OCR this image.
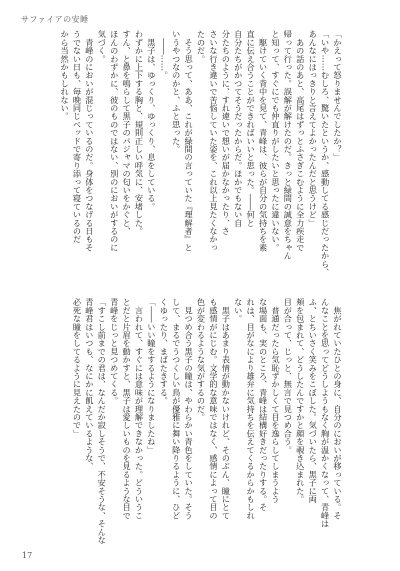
サファイアの安睡
「かえって怒りませんでしたか？」
「いや……むしろ、驚いたというか、感動してる感じだったから、
あんなにはっきりと言えてよかったんだと思うけど」
　あの話のあと、高尾はずっとふさぎこむように全力疾走で
帰って行った。誤解が解けたのだ。きっと緑間の誠意をちゃん
と知って、すぐにでも仲直りがしたいと思ったに違いない。
　駆けていく背中を見て、青峰は、彼らが自分の気持ちを素
直に伝え合うことができればいいと思った。――何と
自分たちがかつてそうだったからだ。ほかでもない自
分たちのように、すれ違いで想いが届かなかったり、さ
さいな行き違いで苦悩していた姿を、これ以上見たくなかっ
たのだ。
　そう思って、ああ、これが緑間の言っていた『理解者』と
いうやつなのかと、ふと思った。
　――……。
　黒子は、ゆっくり、ゆっくり、息をしている。
わずかに上下する胸と、規則正しい呼気に、安堵した。
すん、と鼻を鳴らして黒子のパジャマの匂いをかぐと、
ほんのわずかに、彼のものではない、別のにおいがするのに
気づく。
　青峰のにおいが混じっているのだ。身体をつなげる日もそ
うでない日も、毎晩同じベッドで寄り添って寝ているのだ
から当然かもしれない。
　焦がれていたひとの身に、自分のにおいが移っている。そ
んなことを思ってどうしようもなく胸が温かくなって、青峰は
ふ、とちいさく笑みをこぼした。気づいたら、黒子に両
頬を包まれて、どうしたんですかと顔を覗き込まれた。
目が合って、じっと、無言で見つめ合う。
　普通だったら気恥ずかしくて目を逸らしてしまうよう
な場面も、実のところ、青峰は結構好きだったりする。そ
れは、目がなにより雄弁に気持ちを伝えてくるからかもしれ
ない。
　黒子はあまり表情が動かないけれど、そのぶん、瞳にとて
も感情がにじむ。文学的な意味ではなく、感情によって目の
色が変わるような気がするのだ。
　見つめ合う黒子の瞳は、やわらかい青色をしていた。そう
して、まるでうつくしい鳥が優雅に舞い降りるように、ひど
くゆったり、まばたきする。
「――いい瞳をするようになりましたね」
　言われて、すぐには意味が理解できなかった。どういうこ
とだと片眉を動かすと、黒子は愛しいものを見るような目で
青峰をじっと見つめてくる。
「すこし前までの君は、なんだか寂しそうで、不安そうな、そんな
青峰君はいつも、なにかに飢えているような、
必死な瞳をしてるように見えたので」
17
